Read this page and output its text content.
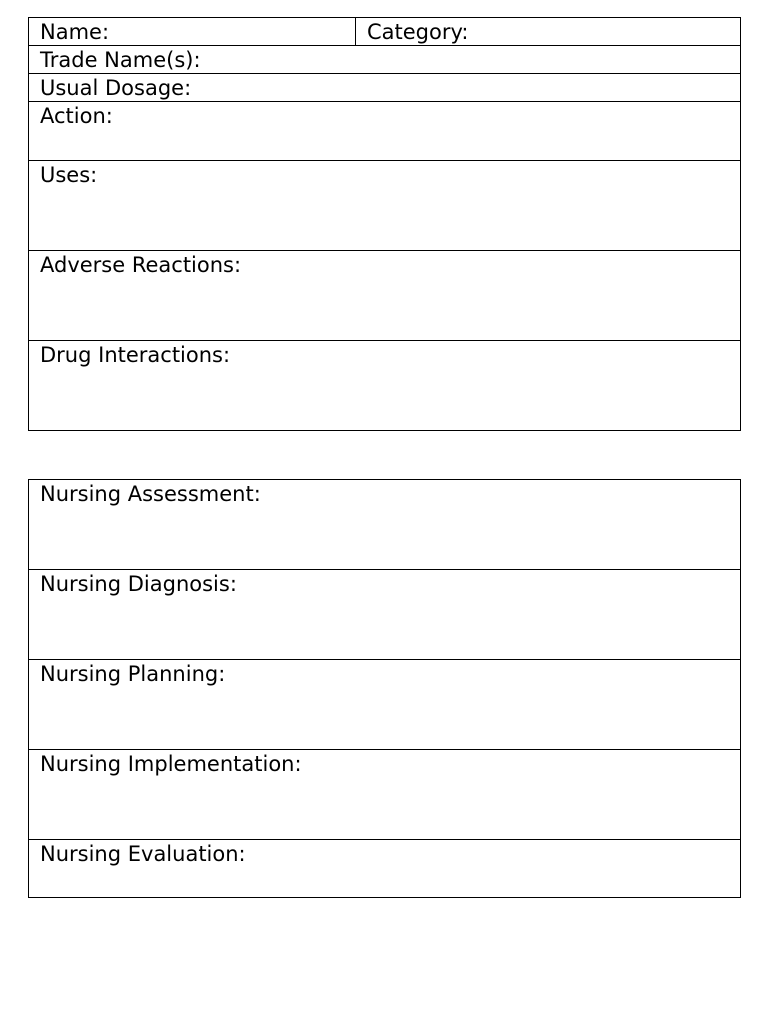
Name:	Category:

Trade Name(s):

Usual Dosage:

Action:

Uses:

Adverse Reactions:

Drug Interactions:
Nursing Assessment:

Nursing Diagnosis:

Nursing Planning:

Nursing Implementation:

Nursing Evaluation:
